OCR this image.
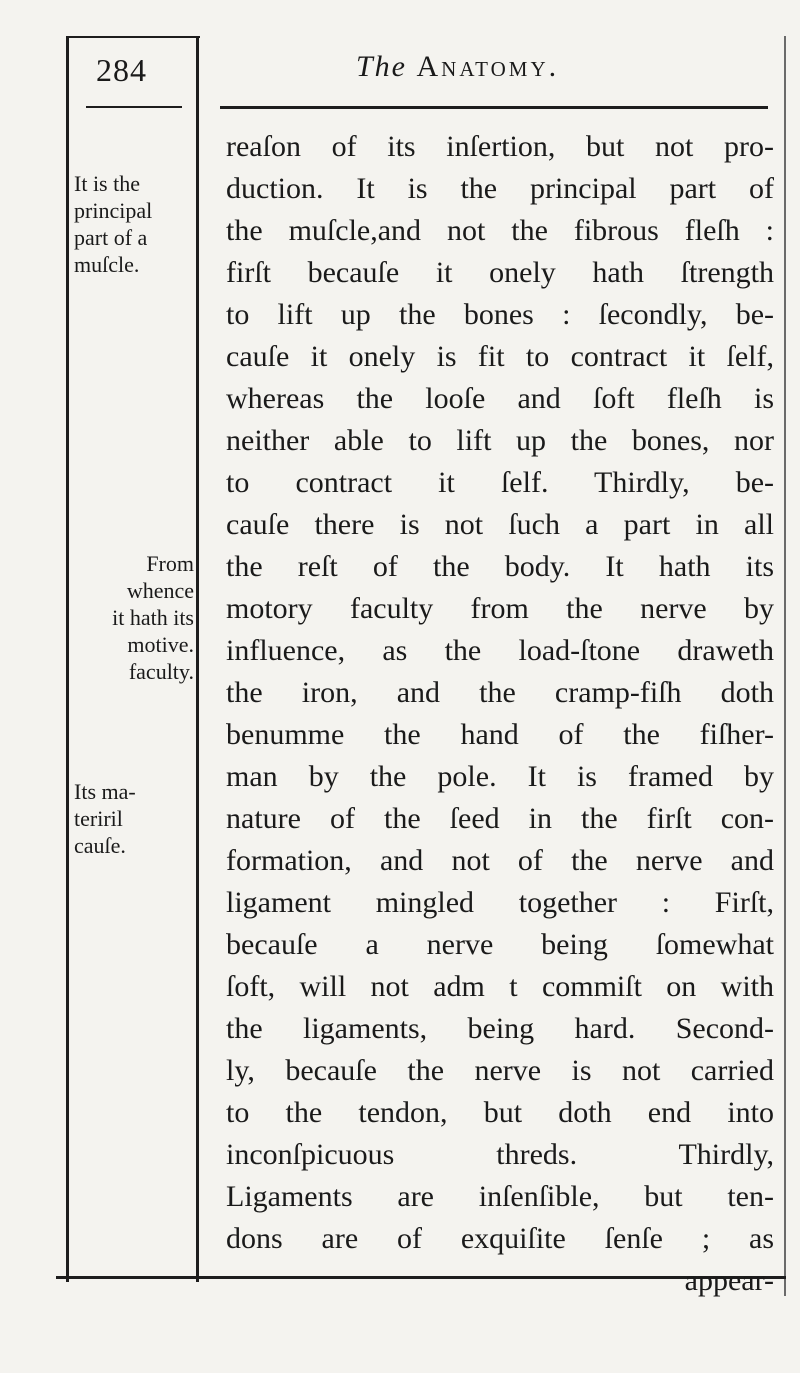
284	The Anatomy.
It is the
principal
part of a
muſcle.
From
whence
it hath its
motive.
faculty.
Its ma-
teriril
cauſe.
reaſon of its inſertion, but not pro-
duction. It is the principal part of
the muſcle,and not the fibrous fleſh :
firſt becauſe it onely hath ſtrength
to lift up the bones : ſecondly, be-
cauſe it onely is fit to contract it ſelf,
whereas the looſe and ſoft fleſh is
neither able to lift up the bones, nor
to contract it ſelf. Thirdly, be-
cauſe there is not ſuch a part in all
the reſt of the body. It hath its
motory faculty from the nerve by
influence, as the load-ſtone draweth
the iron, and the cramp-fiſh doth
benumme the hand of the fiſher-
man by the pole. It is framed by
nature of the ſeed in the firſt con-
formation, and not of the nerve and
ligament mingled together : Firſt,
becauſe a nerve being ſomewhat
ſoft, will not adm t commiſt on with
the ligaments, being hard. Second-
ly, becauſe the nerve is not carried
to the tendon, but doth end into
inconſpicuous threds. Thirdly,
Ligaments are inſenſible, but ten-
dons are of exquiſite ſenſe ; as
appear-
